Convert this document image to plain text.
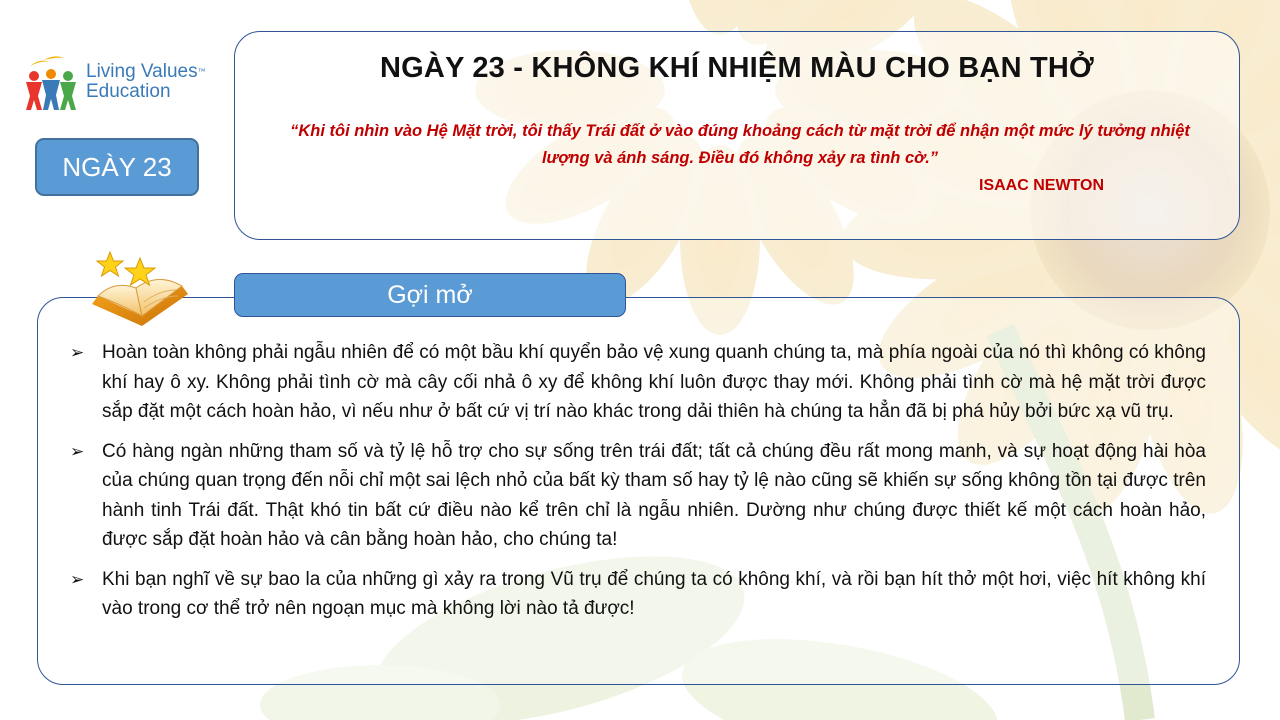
Living Values™
Education
NGÀY 23
NGÀY 23 - KHÔNG KHÍ NHIỆM MÀU CHO BẠN THỞ
“Khi tôi nhìn vào Hệ Mặt trời, tôi thấy Trái đất ở vào đúng khoảng cách từ mặt trời để nhận một mức lý tưởng nhiệt lượng và ánh sáng. Điều đó không xảy ra tình cờ.”
ISAAC NEWTON
Gợi mở
➢ Hoàn toàn không phải ngẫu nhiên để có một bầu khí quyển bảo vệ xung quanh chúng ta, mà phía ngoài của nó thì không có không khí hay ô xy. Không phải tình cờ mà cây cối nhả ô xy để không khí luôn được thay mới. Không phải tình cờ mà hệ mặt trời được sắp đặt một cách hoàn hảo, vì nếu như ở bất cứ vị trí nào khác trong dải thiên hà chúng ta hẳn đã bị phá hủy bởi bức xạ vũ trụ.
➢ Có hàng ngàn những tham số và tỷ lệ hỗ trợ cho sự sống trên trái đất; tất cả chúng đều rất mong manh, và sự hoạt động hài hòa của chúng quan trọng đến nỗi chỉ một sai lệch nhỏ của bất kỳ tham số hay tỷ lệ nào cũng sẽ khiến sự sống không tồn tại được trên hành tinh Trái đất. Thật khó tin bất cứ điều nào kể trên chỉ là ngẫu nhiên. Dường như chúng được thiết kế một cách hoàn hảo, được sắp đặt hoàn hảo và cân bằng hoàn hảo, cho chúng ta!
➢ Khi bạn nghĩ về sự bao la của những gì xảy ra trong Vũ trụ để chúng ta có không khí, và rồi bạn hít thở một hơi, việc hít không khí vào trong cơ thể trở nên ngoạn mục mà không lời nào tả được!
